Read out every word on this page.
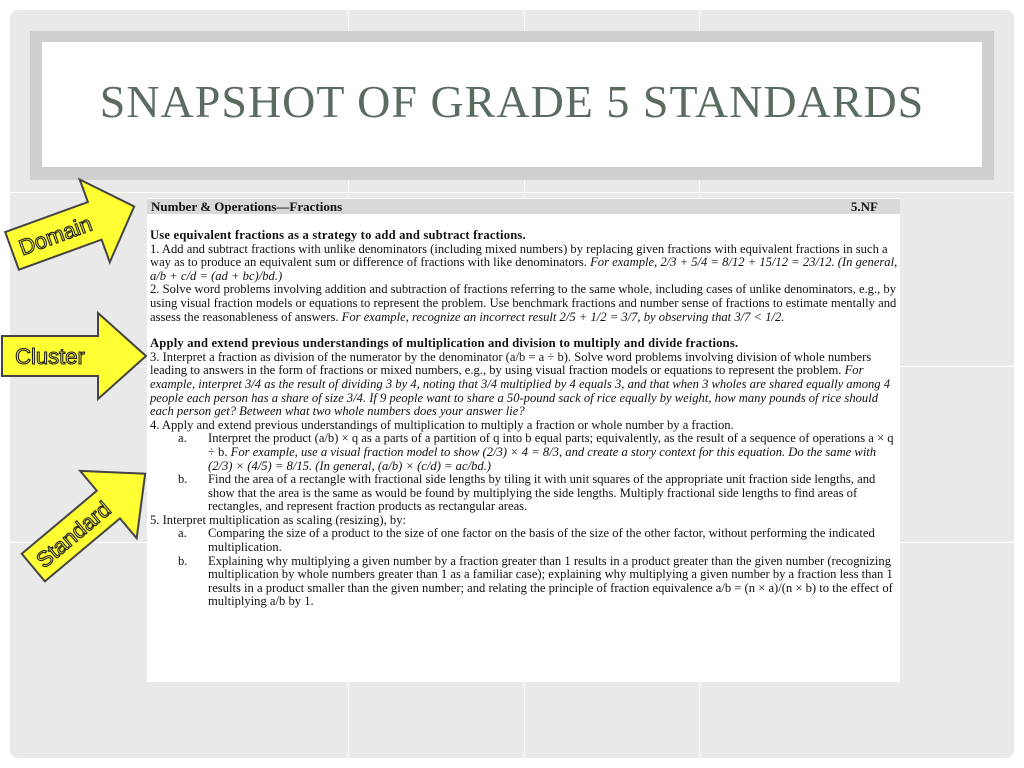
SNAPSHOT OF GRADE 5 STANDARDS
Number & Operations—Fractions	5.NF

Use equivalent fractions as a strategy to add and subtract fractions.

1. Add and subtract fractions with unlike denominators (including mixed numbers) by replacing given fractions with equivalent fractions in such a way as to produce an equivalent sum or difference of fractions with like denominators. For example, 2/3 + 5/4 = 8/12 + 15/12 = 23/12. (In general, a/b + c/d = (ad + bc)/bd.)

2. Solve word problems involving addition and subtraction of fractions referring to the same whole, including cases of unlike denominators, e.g., by using visual fraction models or equations to represent the problem. Use benchmark fractions and number sense of fractions to estimate mentally and assess the reasonableness of answers. For example, recognize an incorrect result 2/5 + 1/2 = 3/7, by observing that 3/7 < 1/2.

Apply and extend previous understandings of multiplication and division to multiply and divide fractions.

3. Interpret a fraction as division of the numerator by the denominator (a/b = a ÷ b). Solve word problems involving division of whole numbers leading to answers in the form of fractions or mixed numbers, e.g., by using visual fraction models or equations to represent the problem. For example, interpret 3/4 as the result of dividing 3 by 4, noting that 3/4 multiplied by 4 equals 3, and that when 3 wholes are shared equally among 4 people each person has a share of size 3/4. If 9 people want to share a 50-pound sack of rice equally by weight, how many pounds of rice should each person get? Between what two whole numbers does your answer lie?

4. Apply and extend previous understandings of multiplication to multiply a fraction or whole number by a fraction.

a.	Interpret the product (a/b) × q as a parts of a partition of q into b equal parts; equivalently, as the result of a sequence of operations a × q ÷ b. For example, use a visual fraction model to show (2/3) × 4 = 8/3, and create a story context for this equation. Do the same with (2/3) × (4/5) = 8/15. (In general, (a/b) × (c/d) = ac/bd.)
b.	Find the area of a rectangle with fractional side lengths by tiling it with unit squares of the appropriate unit fraction side lengths, and show that the area is the same as would be found by multiplying the side lengths. Multiply fractional side lengths to find areas of rectangles, and represent fraction products as rectangular areas.

5. Interpret multiplication as scaling (resizing), by:

a.	Comparing the size of a product to the size of one factor on the basis of the size of the other factor, without performing the indicated multiplication.
b.	Explaining why multiplying a given number by a fraction greater than 1 results in a product greater than the given number (recognizing multiplication by whole numbers greater than 1 as a familiar case); explaining why multiplying a given number by a fraction less than 1 results in a product smaller than the given number; and relating the principle of fraction equivalence a/b = (n × a)/(n × b) to the effect of multiplying a/b by 1.
Domain
Cluster
Standard
